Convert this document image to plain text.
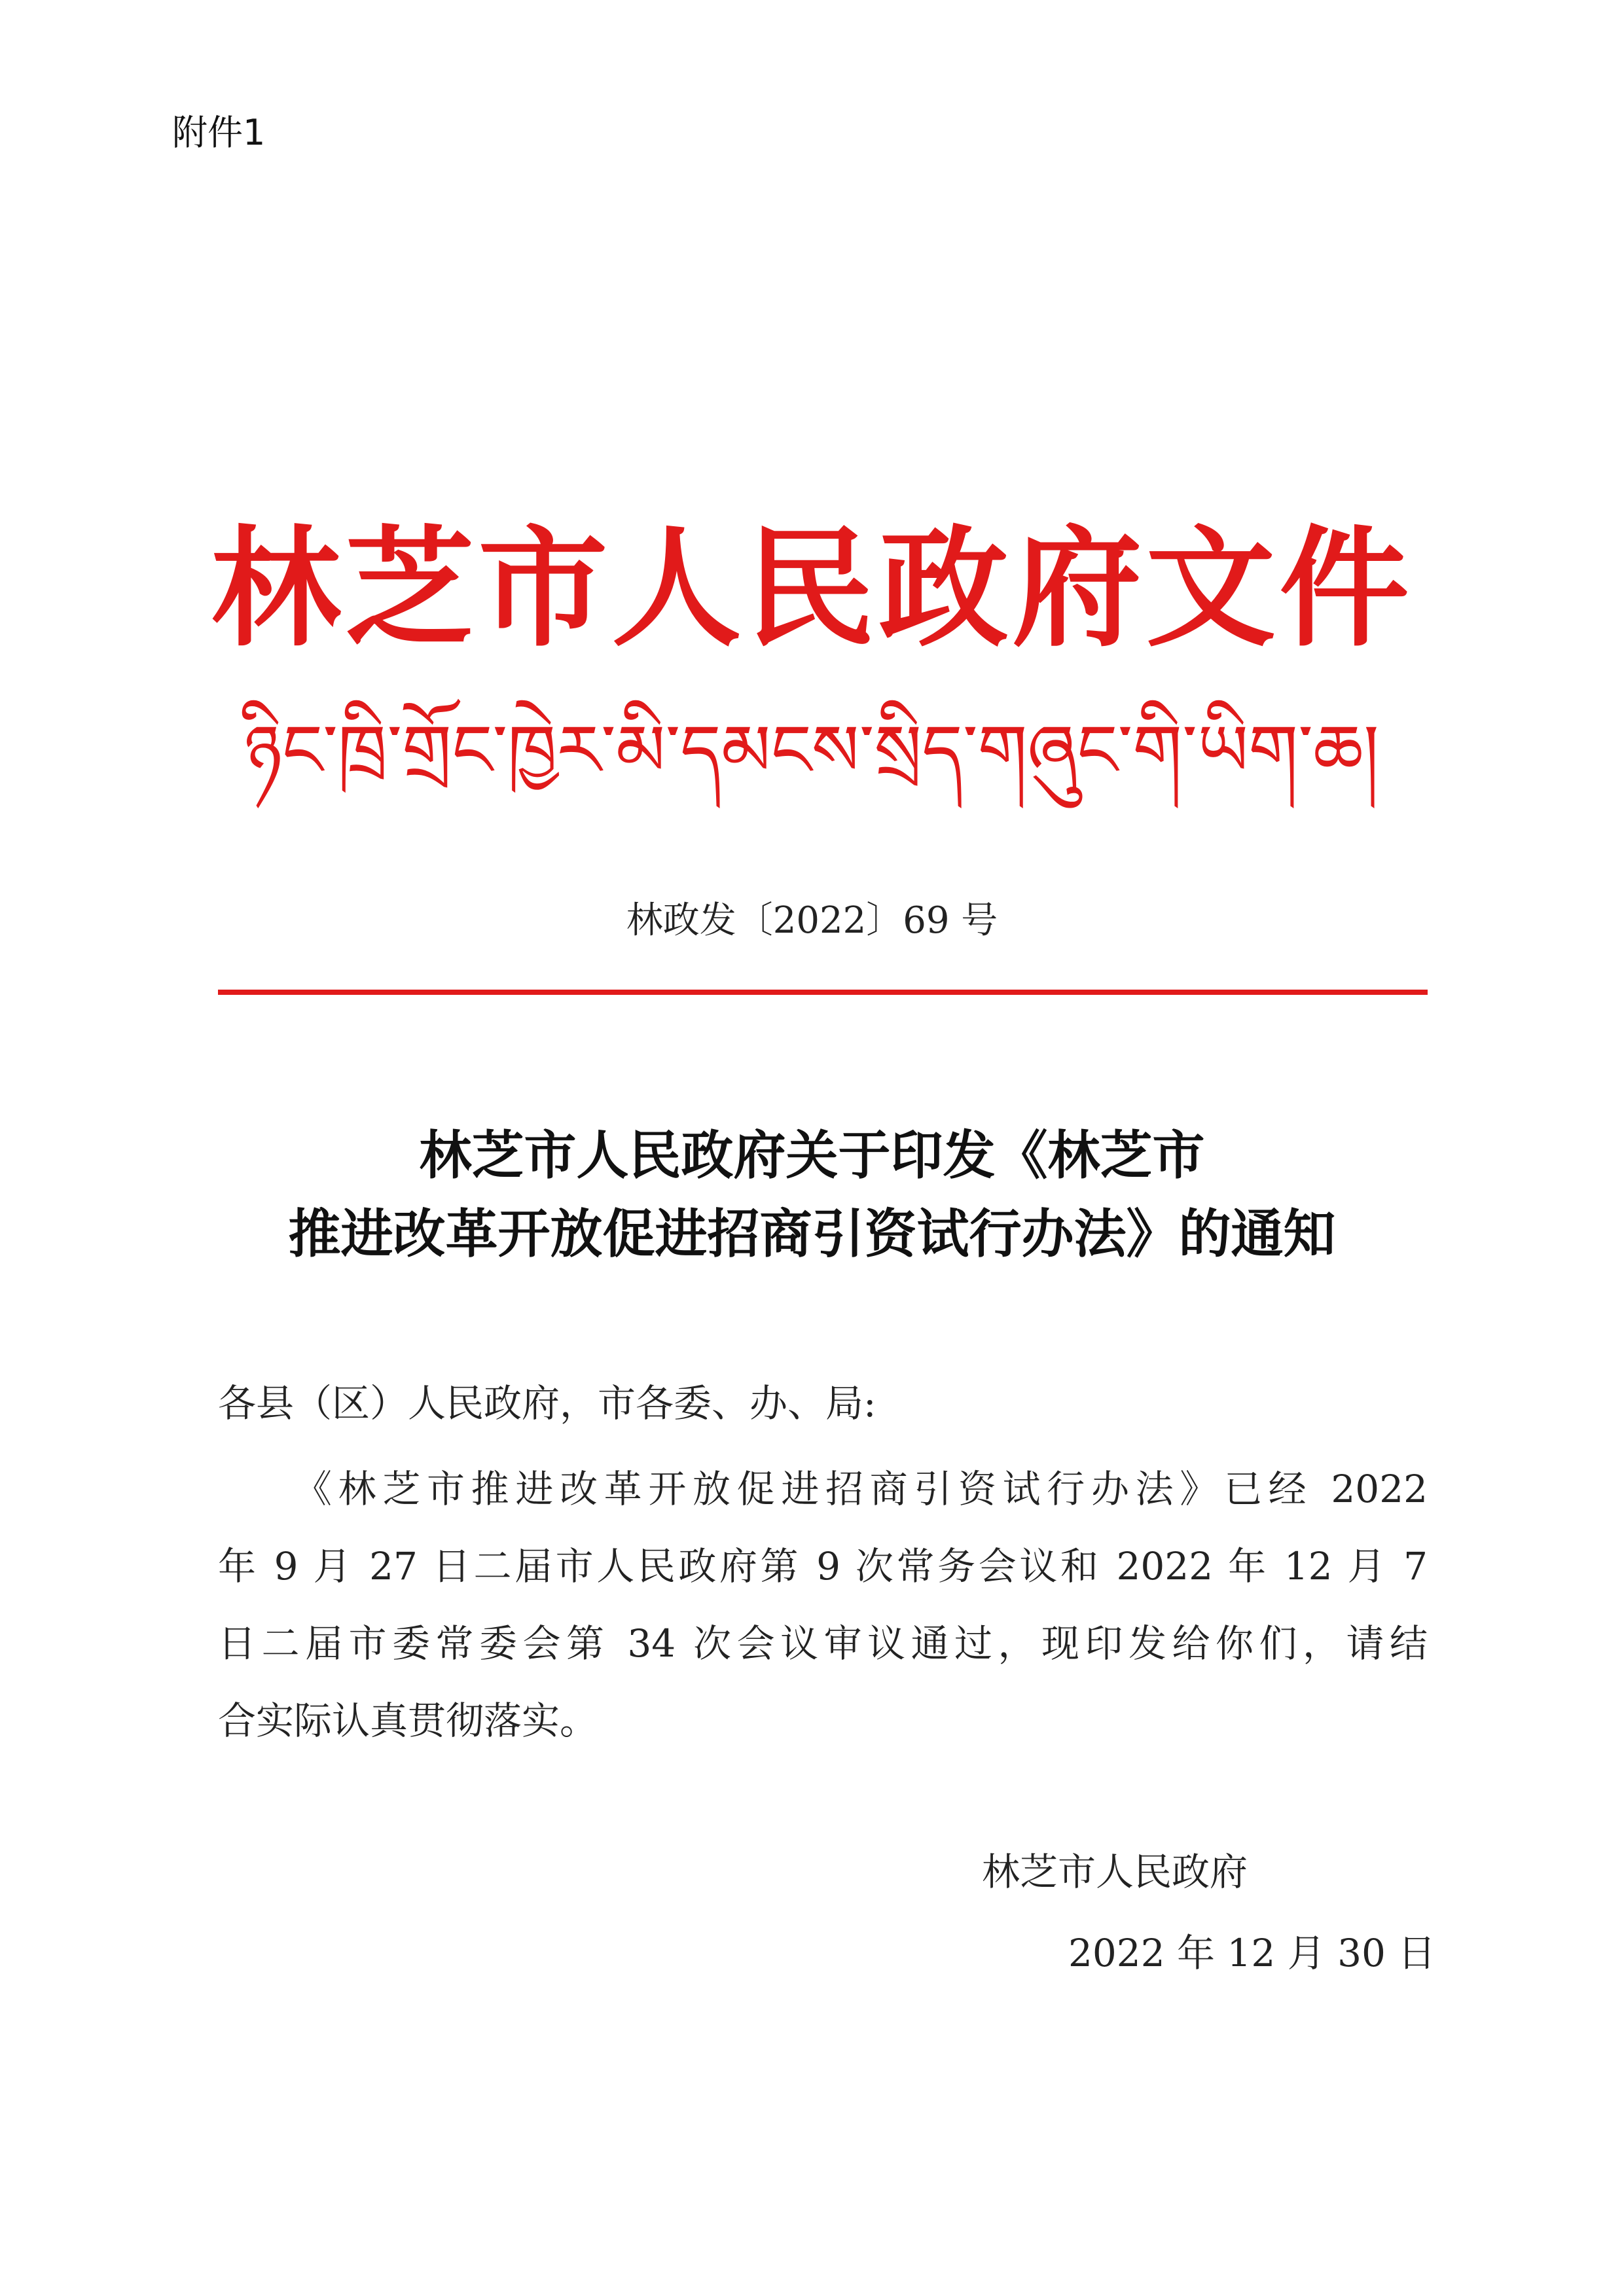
附件1
林芝市人民政府文件
ཉིང་ཁྲི་གྲོང་ཁྱེར་མི་དམངས་སྲིད་གཞུང་གི་ཡིག་ཆ།
林政发〔2022〕69 号
林芝市人民政府关于印发《林芝市
推进改革开放促进招商引资试行办法》的通知
各县（区）人民政府，市各委、办、局:
《林芝市推进改革开放促进招商引资试行办法》已经 2022
年 9 月 27 日二届市人民政府第 9 次常务会议和 2022 年 12 月 7
日二届市委常委会第 34 次会议审议通过，现印发给你们，请结
合实际认真贯彻落实。
林芝市人民政府
2022 年 12 月 30 日
